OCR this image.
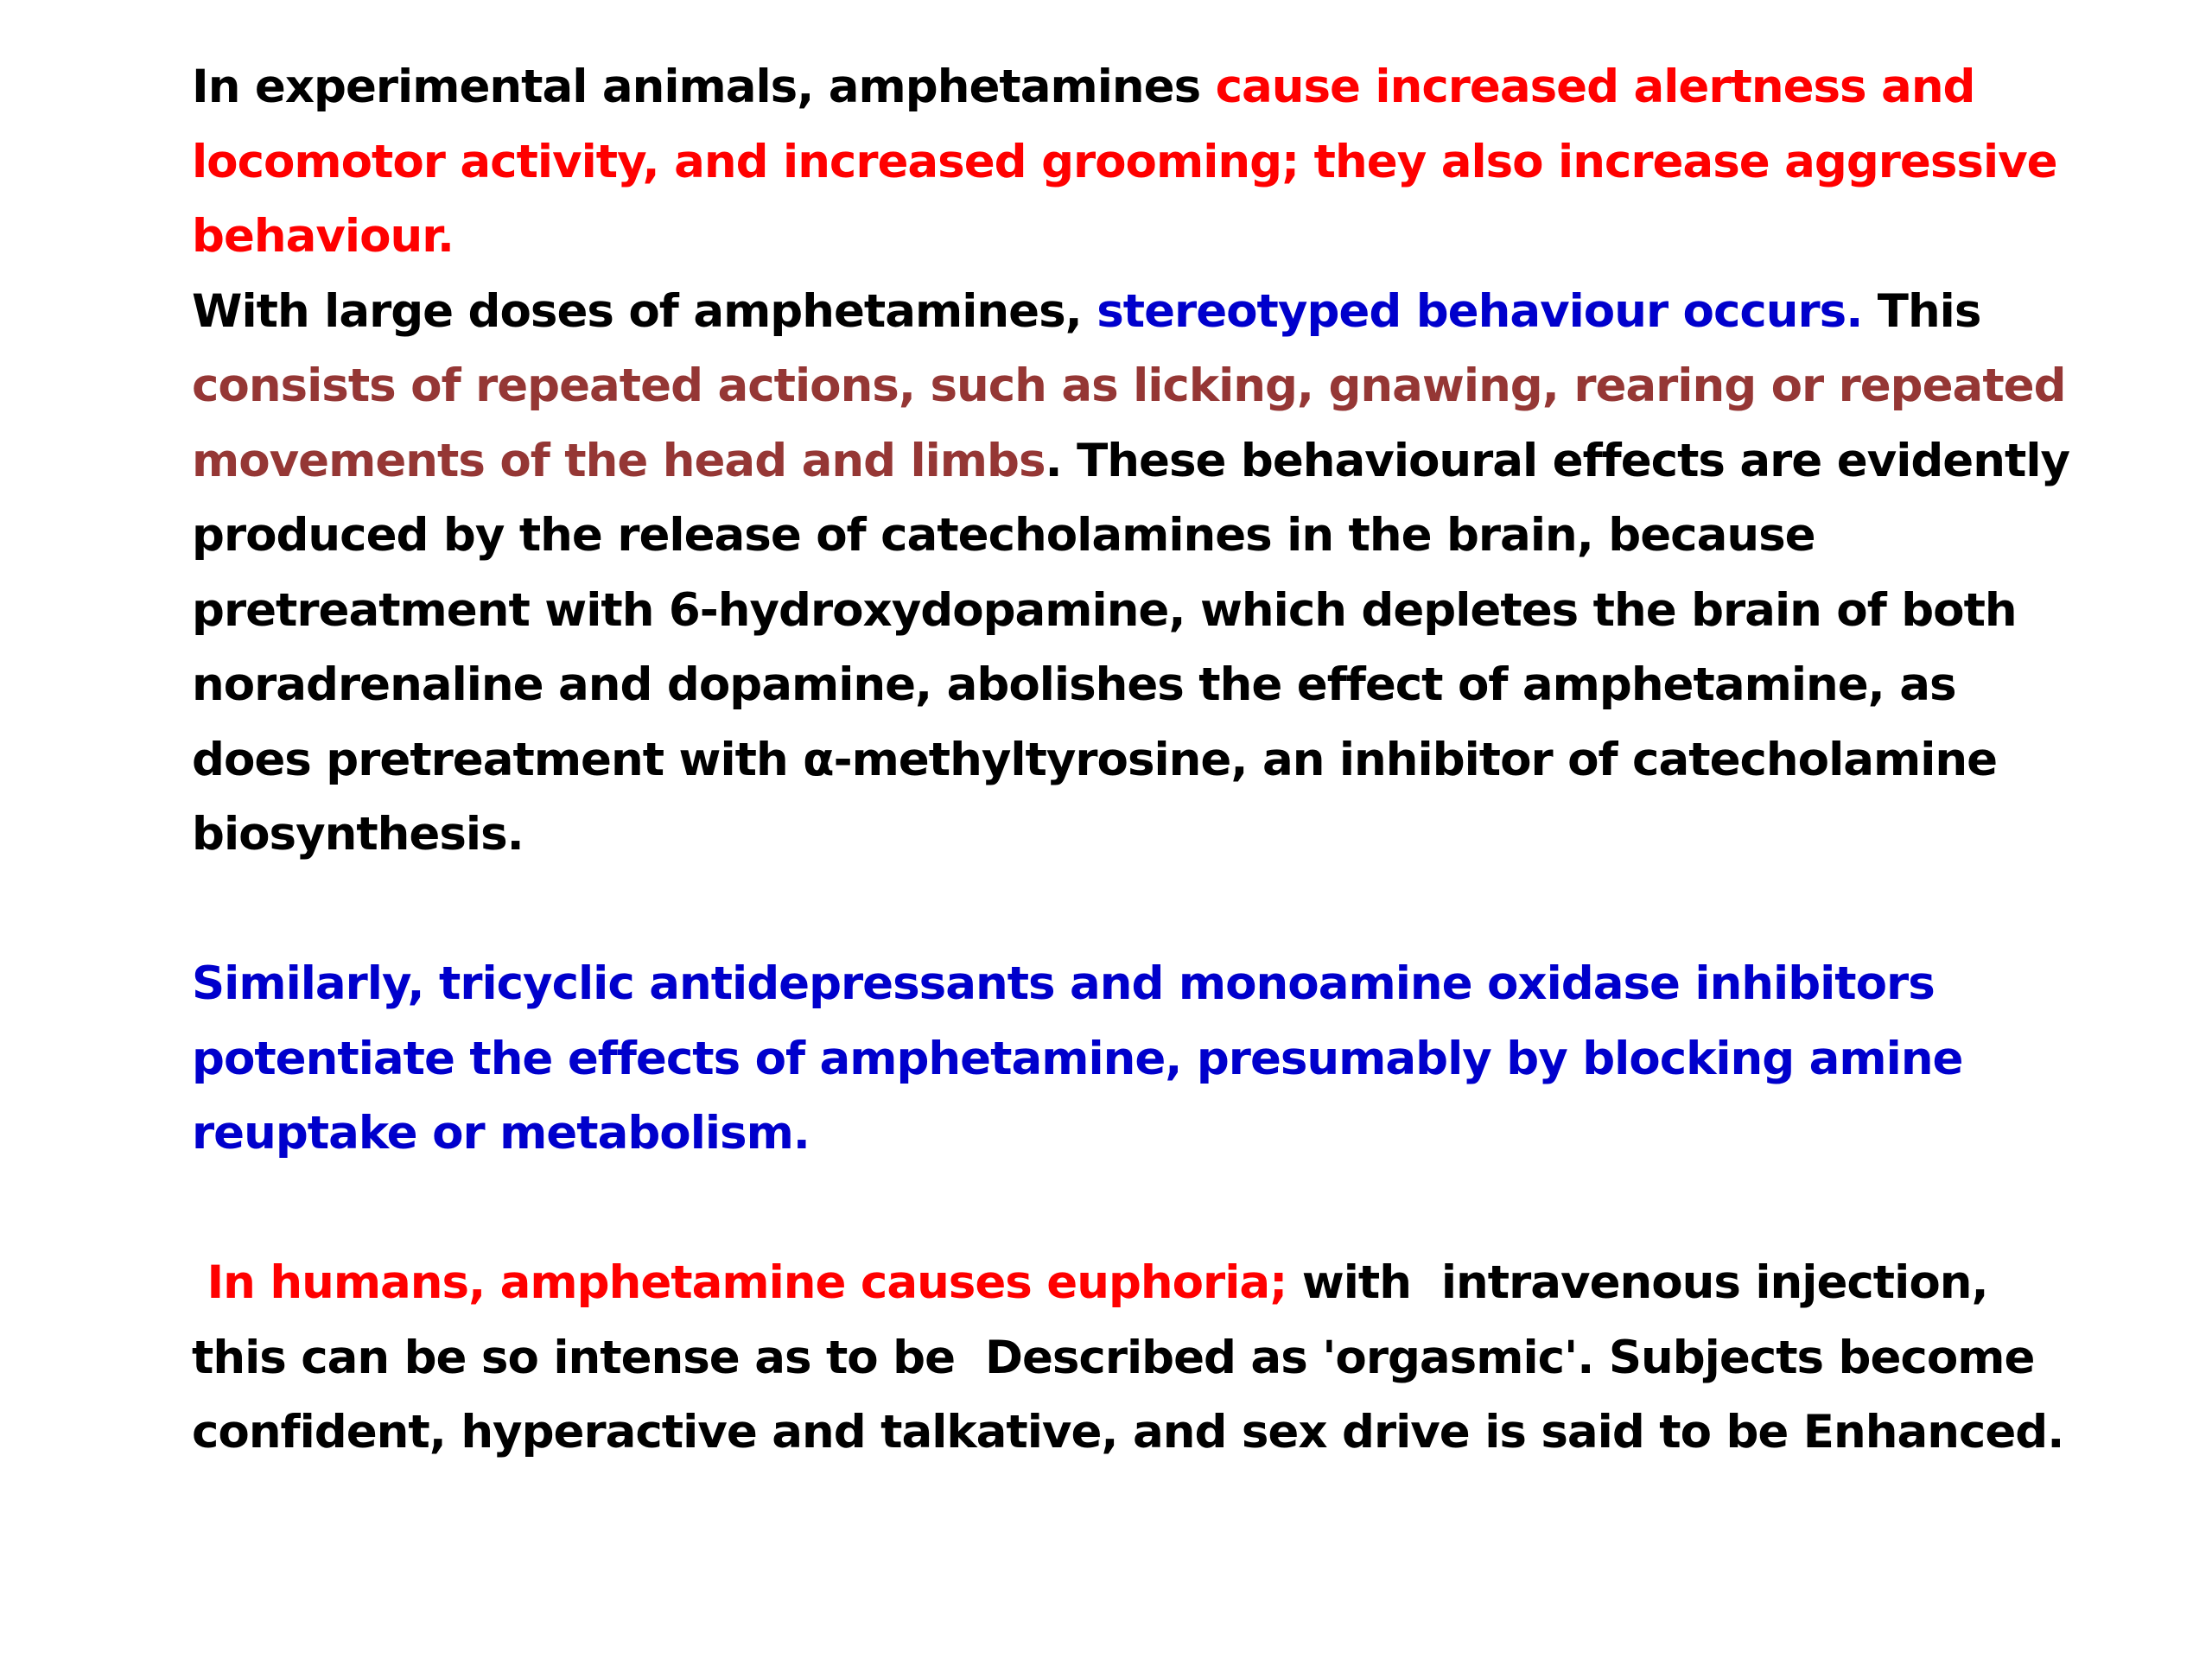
In experimental animals, amphetamines cause increased alertness and locomotor activity, and increased grooming; they also increase aggressive behaviour.

With large doses of amphetamines, stereotyped behaviour occurs. This consists of repeated actions, such as licking, gnawing, rearing or repeated movements of the head and limbs. These behavioural effects are evidently produced by the release of catecholamines in the brain, because pretreatment with 6-hydroxydopamine, which depletes the brain of both noradrenaline and dopamine, abolishes the effect of amphetamine, as does pretreatment with α-methyltyrosine, an inhibitor of catecholamine biosynthesis.

Similarly, tricyclic antidepressants and monoamine oxidase inhibitors potentiate the effects of amphetamine, presumably by blocking amine reuptake or metabolism.

In humans, amphetamine causes euphoria; with  intravenous injection, this can be so intense as to be  Described as 'orgasmic'. Subjects become confident, hyperactive and talkative, and sex drive is said to be Enhanced.
